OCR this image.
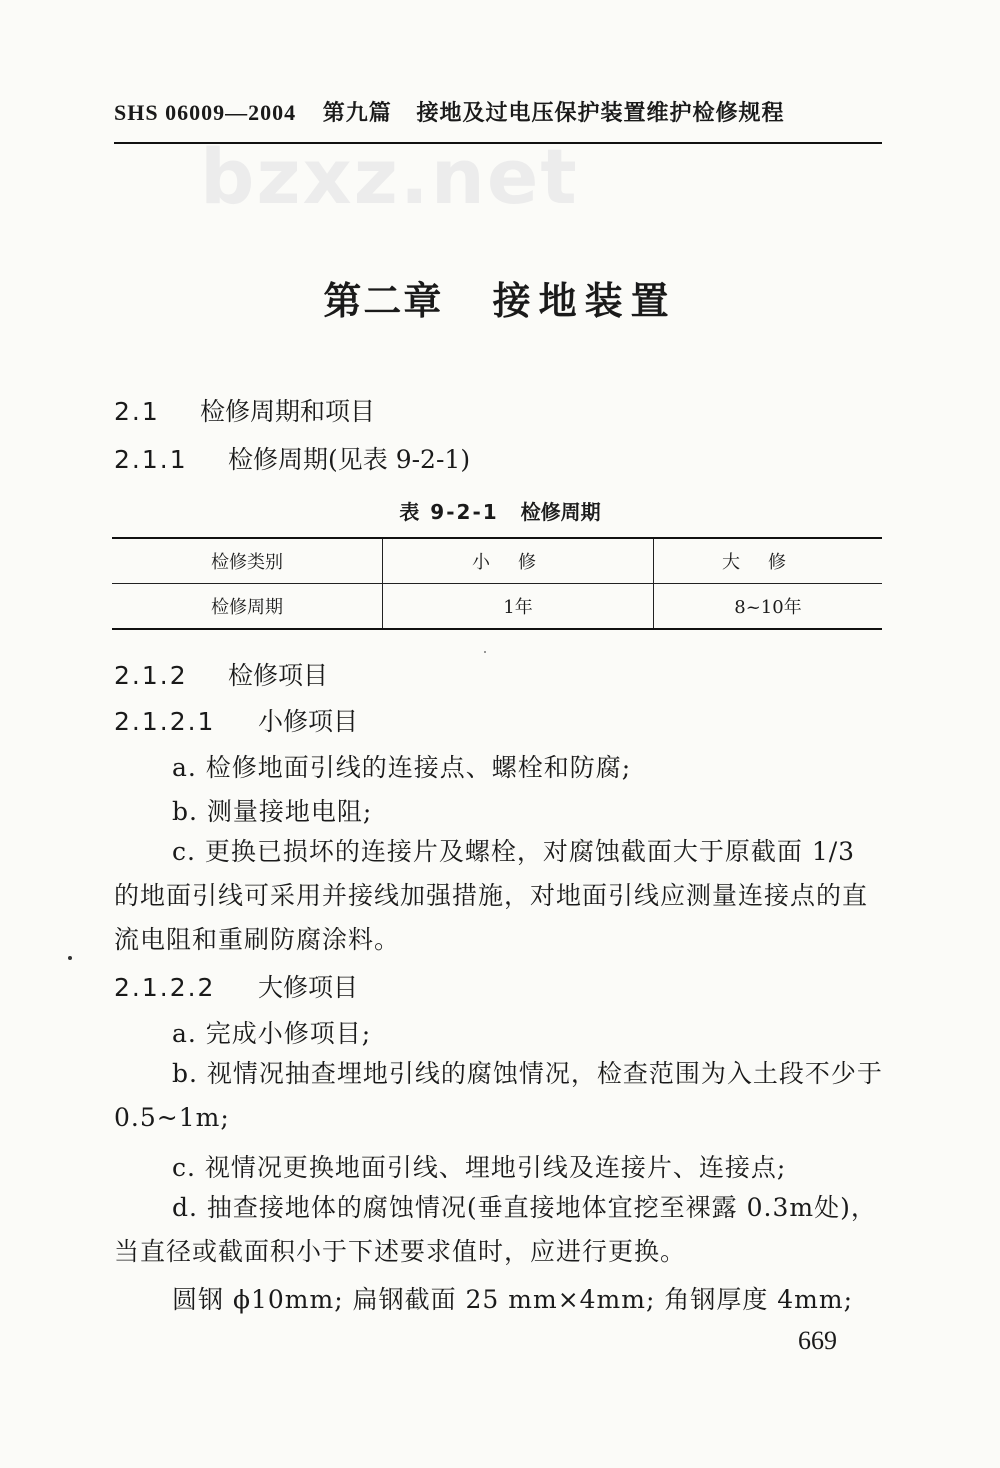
SHS 06009—2004 第九篇 接地及过电压保护装置维护检修规程
bzxz.net
第二章 接地装置
2.1 检修周期和项目
2.1.1 检修周期(见表 9-2-1)
表 9-2-1 检修周期
检修类别	小修	大修
检修周期	1年	8~10年
2.1.2 检修项目
2.1.2.1 小修项目
a. 检修地面引线的连接点、螺栓和防腐;
b. 测量接地电阻;
c. 更换已损坏的连接片及螺栓，对腐蚀截面大于原截面 1/3 的地面引线可采用并接线加强措施，对地面引线应测量连接点的直流电阻和重刷防腐涂料。
2.1.2.2 大修项目
a. 完成小修项目;
b. 视情况抽查埋地引线的腐蚀情况，检查范围为入土段不少于 0.5~1m;
c. 视情况更换地面引线、埋地引线及连接片、连接点;
d. 抽查接地体的腐蚀情况(垂直接地体宜挖至裸露 0.3m处)，当直径或截面积小于下述要求值时，应进行更换。
圆钢 ϕ10mm; 扁钢截面 25 mm×4mm; 角钢厚度 4mm;
669
